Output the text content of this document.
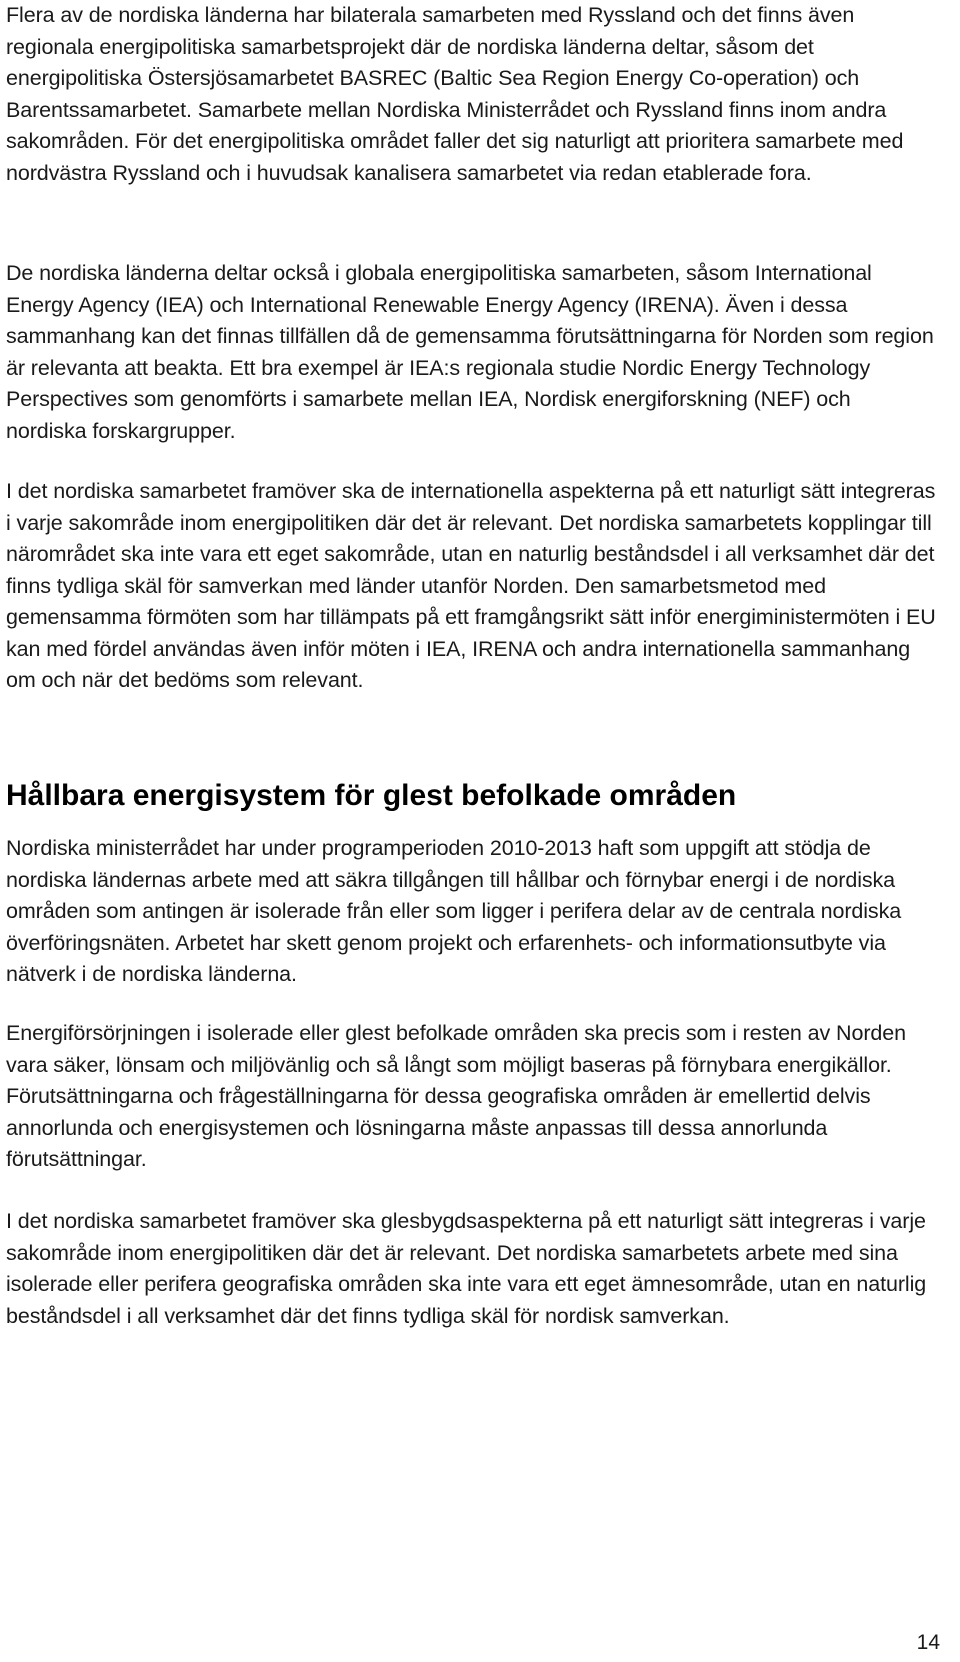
Flera av de nordiska länderna har bilaterala samarbeten med Ryssland och det finns även regionala energipolitiska samarbetsprojekt där de nordiska länderna deltar, såsom det energipolitiska Östersjösamarbetet BASREC (Baltic Sea Region Energy Co-operation) och Barentssamarbetet. Samarbete mellan Nordiska Ministerrådet och Ryssland finns inom andra sakområden. För det energipolitiska området faller det sig naturligt att prioritera samarbete med nordvästra Ryssland och i huvudsak kanalisera samarbetet via redan etablerade fora.

De nordiska länderna deltar också i globala energipolitiska samarbeten, såsom International Energy Agency (IEA) och International Renewable Energy Agency (IRENA). Även i dessa sammanhang kan det finnas tillfällen då de gemensamma förutsättningarna för Norden som region är relevanta att beakta. Ett bra exempel är IEA:s regionala studie Nordic Energy Technology Perspectives som genomförts i samarbete mellan IEA, Nordisk energiforskning (NEF) och nordiska forskargrupper.

I det nordiska samarbetet framöver ska de internationella aspekterna på ett naturligt sätt integreras i varje sakområde inom energipolitiken där det är relevant. Det nordiska samarbetets kopplingar till närområdet ska inte vara ett eget sakområde, utan en naturlig beståndsdel i all verksamhet där det finns tydliga skäl för samverkan med länder utanför Norden. Den samarbetsmetod med gemensamma förmöten som har tillämpats på ett framgångsrikt sätt inför energiministermöten i EU kan med fördel användas även inför möten i IEA, IRENA och andra internationella sammanhang om och när det bedöms som relevant.

Hållbara energisystem för glest befolkade områden

Nordiska ministerrådet har under programperioden 2010-2013 haft som uppgift att stödja de nordiska ländernas arbete med att säkra tillgången till hållbar och förnybar energi i de nordiska områden som antingen är isolerade från eller som ligger i perifera delar av de centrala nordiska överföringsnäten. Arbetet har skett genom projekt och erfarenhets- och informationsutbyte via nätverk i de nordiska länderna.

Energiförsörjningen i isolerade eller glest befolkade områden ska precis som i resten av Norden vara säker, lönsam och miljövänlig och så långt som möjligt baseras på förnybara energikällor. Förutsättningarna och frågeställningarna för dessa geografiska områden är emellertid delvis annorlunda och energisystemen och lösningarna måste anpassas till dessa annorlunda förutsättningar.

I det nordiska samarbetet framöver ska glesbygdsaspekterna på ett naturligt sätt integreras i varje sakområde inom energipolitiken där det är relevant. Det nordiska samarbetets arbete med sina isolerade eller perifera geografiska områden ska inte vara ett eget ämnesområde, utan en naturlig beståndsdel i all verksamhet där det finns tydliga skäl för nordisk samverkan.

14
